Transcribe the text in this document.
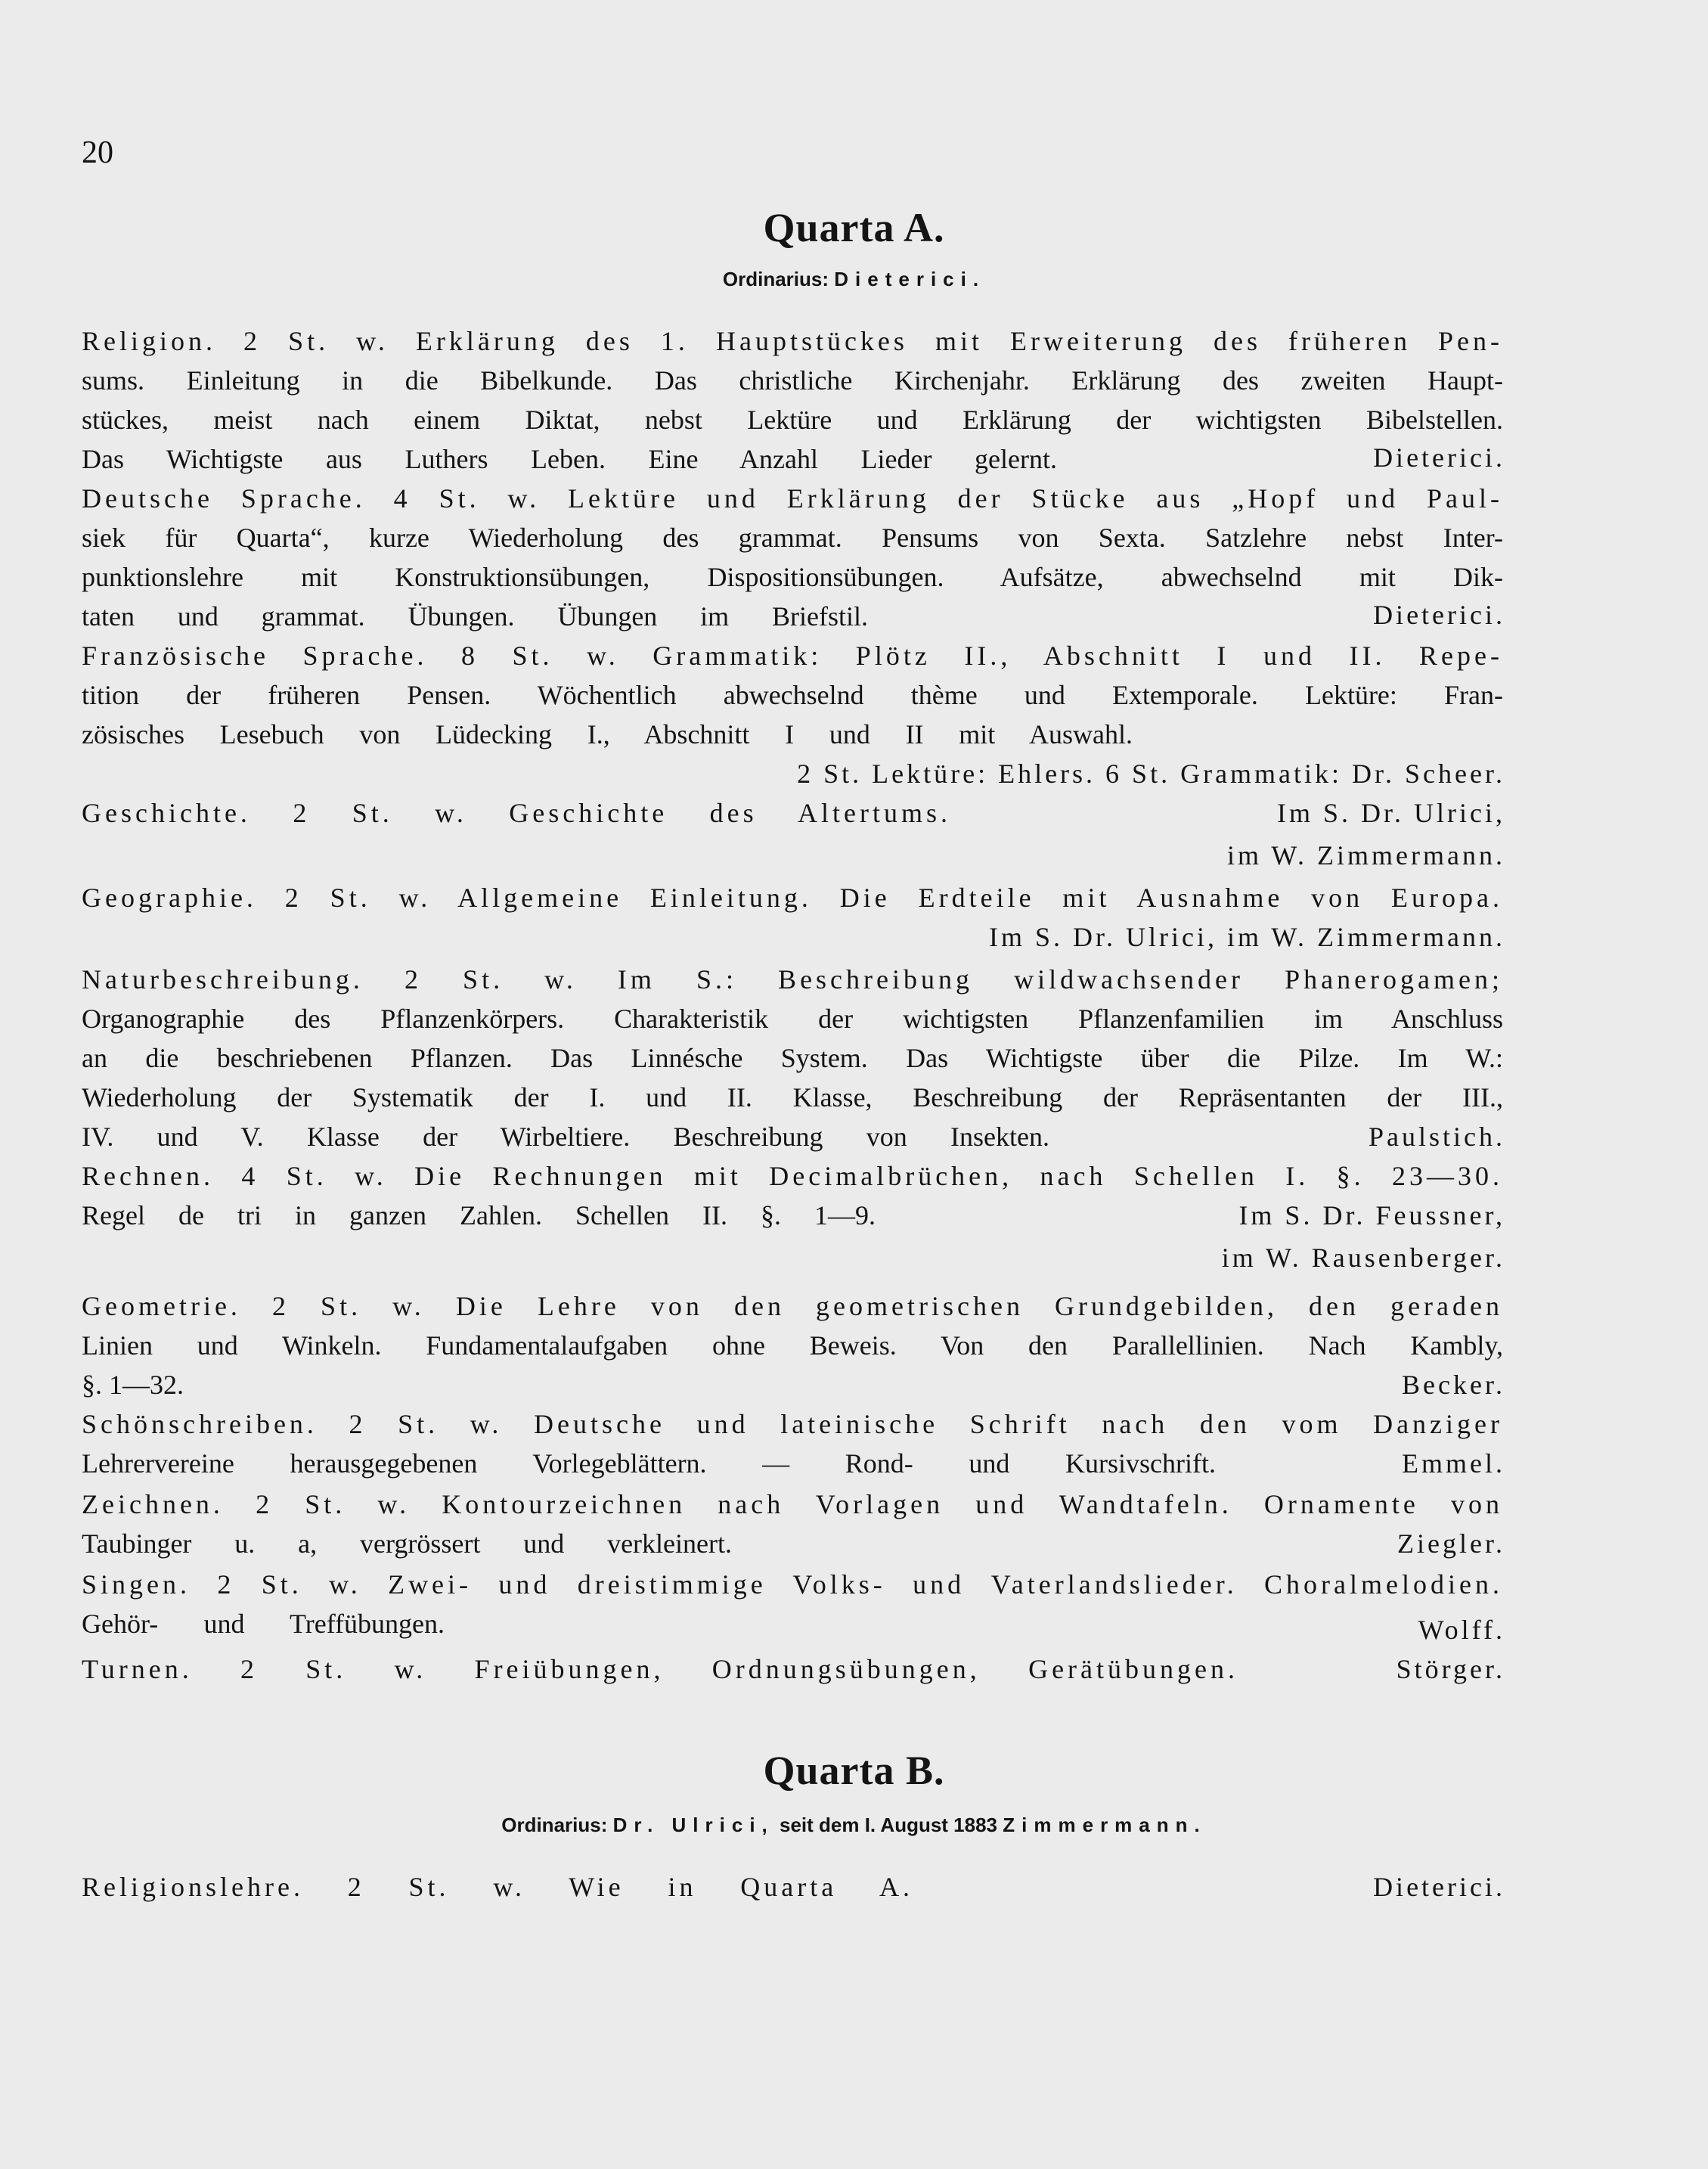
20
Quarta A.
Ordinarius: Dieterici.
Religion. 2 St. w. Erklärung des 1. Hauptstückes mit Erweiterung des früheren Pen-
sums. Einleitung in die Bibelkunde. Das christliche Kirchenjahr. Erklärung des zweiten Haupt-
stückes, meist nach einem Diktat, nebst Lektüre und Erklärung der wichtigsten Bibelstellen.
Das Wichtigste aus Luthers Leben. Eine Anzahl Lieder gelernt.	Dieterici.
Deutsche Sprache. 4 St. w. Lektüre und Erklärung der Stücke aus „Hopf und Paul-
siek für Quarta“, kurze Wiederholung des grammat. Pensums von Sexta. Satzlehre nebst Inter-
punktionslehre mit Konstruktionsübungen, Dispositionsübungen. Aufsätze, abwechselnd mit Dik-
taten und grammat. Übungen. Übungen im Briefstil.	Dieterici.
Französische Sprache. 8 St. w. Grammatik: Plötz II., Abschnitt I und II. Repe-
tition der früheren Pensen. Wöchentlich abwechselnd thème und Extemporale. Lektüre: Fran-
zösisches Lesebuch von Lüdecking I., Abschnitt I und II mit Auswahl.
2 St. Lektüre: Ehlers. 6 St. Grammatik: Dr. Scheer.
Geschichte. 2 St. w. Geschichte des Altertums.	Im S. Dr. Ulrici,
im W. Zimmermann.
Geographie. 2 St. w. Allgemeine Einleitung. Die Erdteile mit Ausnahme von Europa.
Im S. Dr. Ulrici, im W. Zimmermann.
Naturbeschreibung. 2 St. w. Im S.: Beschreibung wildwachsender Phanerogamen;
Organographie des Pflanzenkörpers. Charakteristik der wichtigsten Pflanzenfamilien im Anschluss
an die beschriebenen Pflanzen. Das Linnésche System. Das Wichtigste über die Pilze. Im W.:
Wiederholung der Systematik der I. und II. Klasse, Beschreibung der Repräsentanten der III.,
IV. und V. Klasse der Wirbeltiere. Beschreibung von Insekten.	Paulstich.
Rechnen. 4 St. w. Die Rechnungen mit Decimalbrüchen, nach Schellen I. §. 23—30.
Regel de tri in ganzen Zahlen. Schellen II. §. 1—9.	Im S. Dr. Feussner,
im W. Rausenberger.
Geometrie. 2 St. w. Die Lehre von den geometrischen Grundgebilden, den geraden
Linien und Winkeln. Fundamentalaufgaben ohne Beweis. Von den Parallellinien. Nach Kambly,
§. 1—32.	Becker.
Schönschreiben. 2 St. w. Deutsche und lateinische Schrift nach den vom Danziger
Lehrervereine herausgegebenen Vorlegeblättern. — Rond- und Kursivschrift.	Emmel.
Zeichnen. 2 St. w. Kontourzeichnen nach Vorlagen und Wandtafeln. Ornamente von
Taubinger u. a, vergrössert und verkleinert.	Ziegler.
Singen. 2 St. w. Zwei- und dreistimmige Volks- und Vaterlandslieder. Choralmelodien.
Gehör- und Treffübungen.	Wolff.
Turnen. 2 St. w. Freiübungen, Ordnungsübungen, Gerätübungen.	Störger.
Quarta B.
Ordinarius: Dr. Ulrici, seit dem I. August 1883 Zimmermann.
Religionslehre. 2 St. w. Wie in Quarta A.	Dieterici.
